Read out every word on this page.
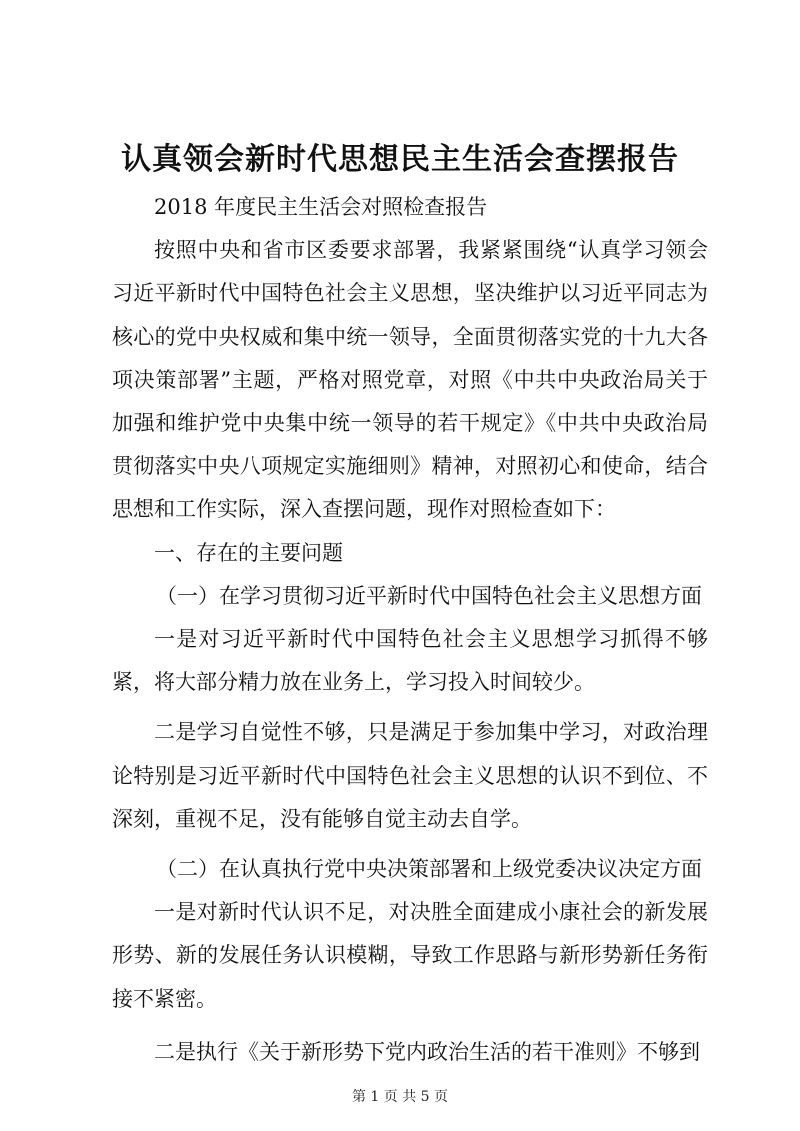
认真领会新时代思想民主生活会查摆报告

2018 年度民主生活会对照检查报告

按照中央和省市区委要求部署，我紧紧围绕“认真学习领会习近平新时代中国特色社会主义思想，坚决维护以习近平同志为核心的党中央权威和集中统一领导，全面贯彻落实党的十九大各项决策部署”主题，严格对照党章，对照《中共中央政治局关于加强和维护党中央集中统一领导的若干规定》《中共中央政治局贯彻落实中央八项规定实施细则》精神，对照初心和使命，结合思想和工作实际，深入查摆问题，现作对照检查如下：

一、存在的主要问题

（一）在学习贯彻习近平新时代中国特色社会主义思想方面

一是对习近平新时代中国特色社会主义思想学习抓得不够紧，将大部分精力放在业务上，学习投入时间较少。

二是学习自觉性不够，只是满足于参加集中学习，对政治理论特别是习近平新时代中国特色社会主义思想的认识不到位、不深刻，重视不足，没有能够自觉主动去自学。

（二）在认真执行党中央决策部署和上级党委决议决定方面

一是对新时代认识不足，对决胜全面建成小康社会的新发展形势、新的发展任务认识模糊，导致工作思路与新形势新任务衔接不紧密。

二是执行《关于新形势下党内政治生活的若干准则》不够到

第 1 页 共 5 页
